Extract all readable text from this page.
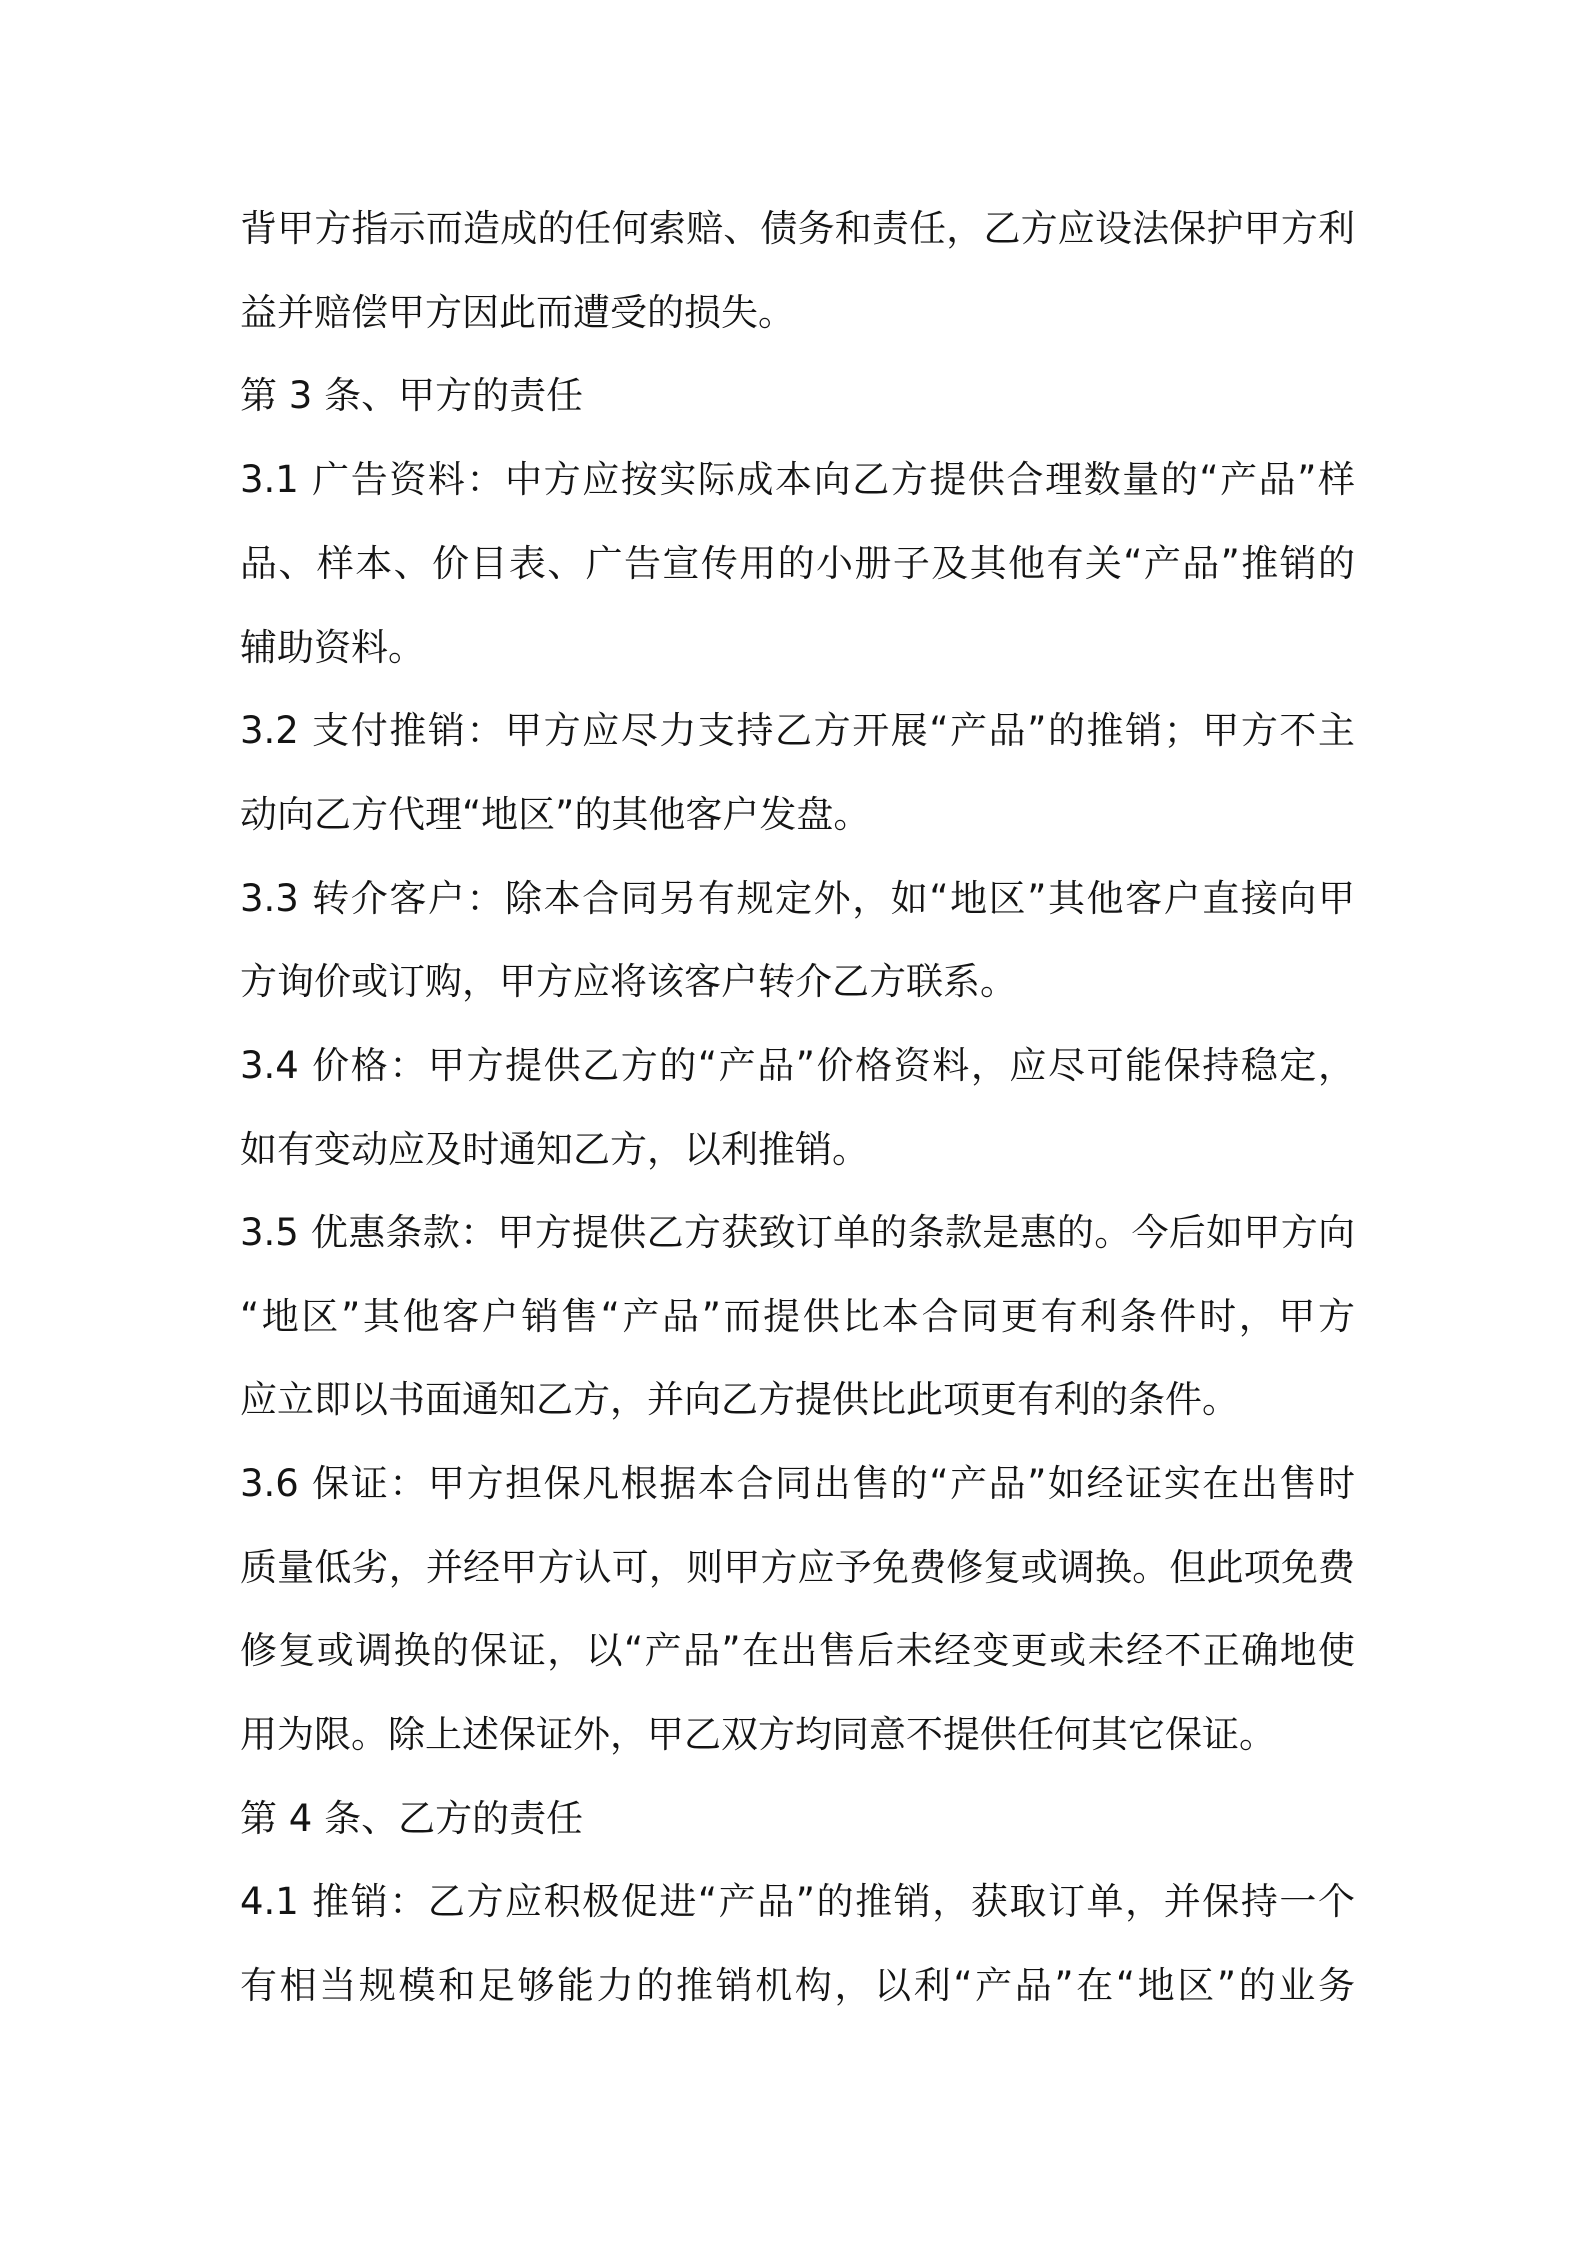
背甲方指示而造成的任何索赔、债务和责任，乙方应设法保护甲方利
益并赔偿甲方因此而遭受的损失。
第 3 条、甲方的责任
3.1 广告资料：中方应按实际成本向乙方提供合理数量的“产品”样
品、样本、价目表、广告宣传用的小册子及其他有关“产品”推销的
辅助资料。
3.2 支付推销：甲方应尽力支持乙方开展“产品”的推销；甲方不主
动向乙方代理“地区”的其他客户发盘。
3.3 转介客户：除本合同另有规定外，如“地区”其他客户直接向甲
方询价或订购，甲方应将该客户转介乙方联系。
3.4 价格：甲方提供乙方的“产品”价格资料，应尽可能保持稳定，
如有变动应及时通知乙方，以利推销。
3.5 优惠条款：甲方提供乙方获致订单的条款是惠的。今后如甲方向
“地区”其他客户销售“产品”而提供比本合同更有利条件时，甲方
应立即以书面通知乙方，并向乙方提供比此项更有利的条件。
3.6 保证：甲方担保凡根据本合同出售的“产品”如经证实在出售时
质量低劣，并经甲方认可，则甲方应予免费修复或调换。但此项免费
修复或调换的保证，以“产品”在出售后未经变更或未经不正确地使
用为限。除上述保证外，甲乙双方均同意不提供任何其它保证。
第 4 条、乙方的责任
4.1 推销：乙方应积极促进“产品”的推销，获取订单，并保持一个
有相当规模和足够能力的推销机构，以利“产品”在“地区”的业务
